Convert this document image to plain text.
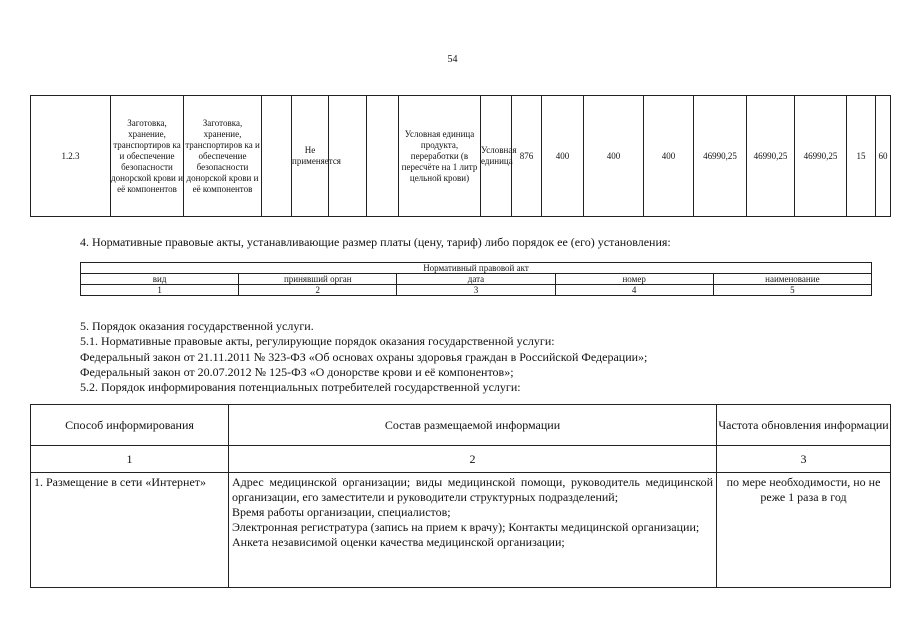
54
1.2.3	Заготовка, хранение, транспортиров ка и обеспечение безопасности донорской крови и её компонентов	Заготовка, хранение, транспортиров ка и обеспечение безопасности донорской крови и её компонентов		Не применяется			Условная единица продукта, переработки (в пересчёте на 1 литр цельной крови)	Условная единица	876	400	400	400	46990,25	46990,25	46990,25	15	60
4. Нормативные правовые акты, устанавливающие размер платы (цену, тариф) либо порядок ее (его) установления:
Нормативный правовой акт				
вид	принявший орган	дата	номер	наименование
1	2	3	4	5
5. Порядок оказания государственной услуги.
5.1. Нормативные правовые акты, регулирующие порядок оказания государственной услуги:
Федеральный закон от 21.11.2011 № 323-ФЗ «Об основах охраны здоровья граждан в Российской Федерации»;
Федеральный закон от 20.07.2012 № 125-ФЗ «О донорстве крови и её компонентов»;
5.2. Порядок информирования потенциальных потребителей государственной услуги:
Способ информирования	Состав размещаемой информации	Частота обновления информации
1	2	3
1. Размещение в сети «Интернет»	Адрес медицинской организации; виды медицинской помощи, руководитель медицинской организации, его заместители и руководители структурных подразделений;

Время работы организации, специалистов;

Электронная регистратура (запись на прием к врачу); Контакты медицинской организации;

Анкета независимой оценки качества медицинской организации;	по мере необходимости, но не реже 1 раза в год
